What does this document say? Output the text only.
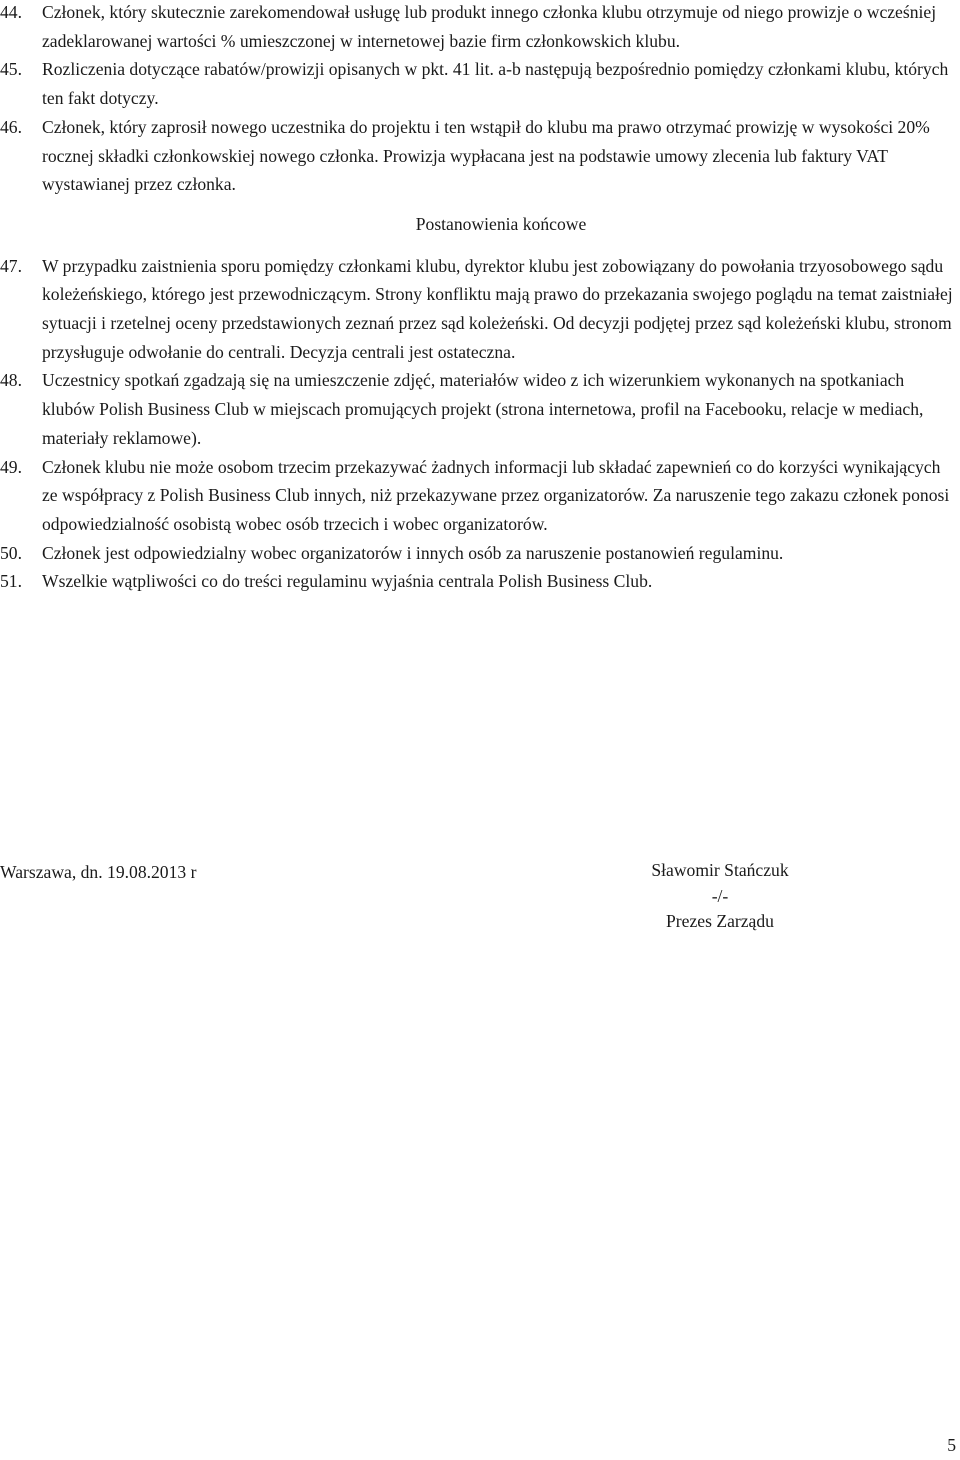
44.	Członek, który skutecznie zarekomendował usługę lub produkt innego członka klubu otrzymuje od niego prowizje o wcześniej zadeklarowanej wartości % umieszczonej w internetowej bazie firm członkowskich klubu.
45.	Rozliczenia dotyczące rabatów/prowizji opisanych w pkt. 41 lit. a-b następują bezpośrednio pomiędzy członkami klubu, których ten fakt dotyczy.
46.	Członek, który zaprosił nowego uczestnika do projektu i ten wstąpił do klubu ma prawo otrzymać prowizję w wysokości 20% rocznej składki członkowskiej nowego członka. Prowizja wypłacana jest na podstawie umowy zlecenia lub faktury VAT wystawianej przez członka.
Postanowienia końcowe
47.	W przypadku zaistnienia sporu pomiędzy członkami klubu, dyrektor klubu jest zobowiązany do powołania trzyosobowego sądu koleżeńskiego, którego jest przewodniczącym. Strony konfliktu mają prawo do przekazania swojego poglądu na temat zaistniałej sytuacji i rzetelnej oceny przedstawionych zeznań przez sąd koleżeński. Od decyzji podjętej przez sąd koleżeński klubu, stronom przysługuje odwołanie do centrali. Decyzja centrali jest ostateczna.
48.	Uczestnicy spotkań zgadzają się na umieszczenie zdjęć, materiałów wideo z ich wizerunkiem wykonanych na spotkaniach klubów Polish Business Club w miejscach promujących projekt (strona internetowa, profil na Facebooku, relacje w mediach, materiały reklamowe).
49.	Członek klubu nie może osobom trzecim przekazywać żadnych informacji lub składać zapewnień co do korzyści wynikających ze współpracy z Polish Business Club innych, niż przekazywane przez organizatorów. Za naruszenie tego zakazu członek ponosi odpowiedzialność osobistą wobec osób trzecich i wobec organizatorów.
50.	Członek jest odpowiedzialny wobec organizatorów i innych osób za naruszenie postanowień regulaminu.
51.	Wszelkie wątpliwości co do treści regulaminu wyjaśnia centrala Polish Business Club.
Warszawa, dn. 19.08.2013 r	Sławomir Stańczuk
-/-
Prezes Zarządu
5
